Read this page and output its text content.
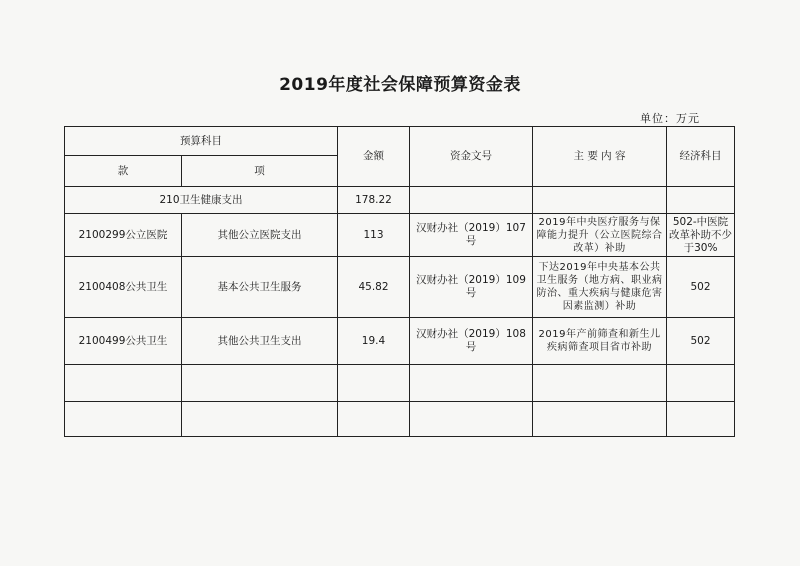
2019年度社会保障预算资金表
单位：万元
预算科目		金额	资金文号	主 要 内 容	经济科目
款	项				
210卫生健康支出		178.22			
2100299公立医院	其他公立医院支出	113	汉财办社（2019）107号	2019年中央医疗服务与保障能力提升（公立医院综合改革）补助	502-中医院改革补助不少于30%
2100408公共卫生	基本公共卫生服务	45.82	汉财办社（2019）109号	下达2019年中央基本公共卫生服务（地方病、职业病防治、重大疾病与健康危害因素监测）补助	502
2100499公共卫生	其他公共卫生支出	19.4	汉财办社（2019）108号	2019年产前筛查和新生儿疾病筛查项目省市补助	502
